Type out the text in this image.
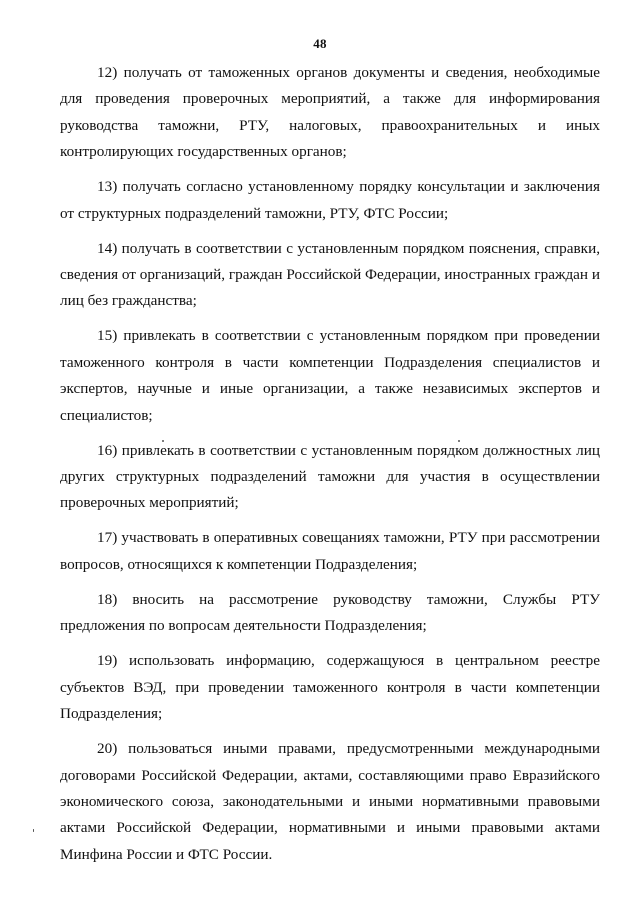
48

12) получать от таможенных органов документы и сведения, необходимые для проведения проверочных мероприятий, а также для информирования руководства таможни, РТУ, налоговых, правоохранительных и иных контролирующих государственных органов;

13) получать согласно установленному порядку консультации и заключения от структурных подразделений таможни, РТУ, ФТС России;

14) получать в соответствии с установленным порядком пояснения, справки, сведения от организаций, граждан Российской Федерации, иностранных граждан и лиц без гражданства;

15) привлекать в соответствии с установленным порядком при проведении таможенного контроля в части компетенции Подразделения специалистов и экспертов, научные и иные организации, а также независимых экспертов и специалистов;

16) привлекать в соответствии с установленным порядком должностных лиц других структурных подразделений таможни для участия в осуществлении проверочных мероприятий;

17) участвовать в оперативных совещаниях таможни, РТУ при рассмотрении вопросов, относящихся к компетенции Подразделения;

18) вносить на рассмотрение руководству таможни, Службы РТУ предложения по вопросам деятельности Подразделения;

19) использовать информацию, содержащуюся в центральном реестре субъектов ВЭД, при проведении таможенного контроля в части компетенции Подразделения;

20) пользоваться иными правами, предусмотренными международными договорами Российской Федерации, актами, составляющими право Евразийского экономического союза, законодательными и иными нормативными правовыми актами Российской Федерации, нормативными и иными правовыми актами Минфина России и ФТС России.
